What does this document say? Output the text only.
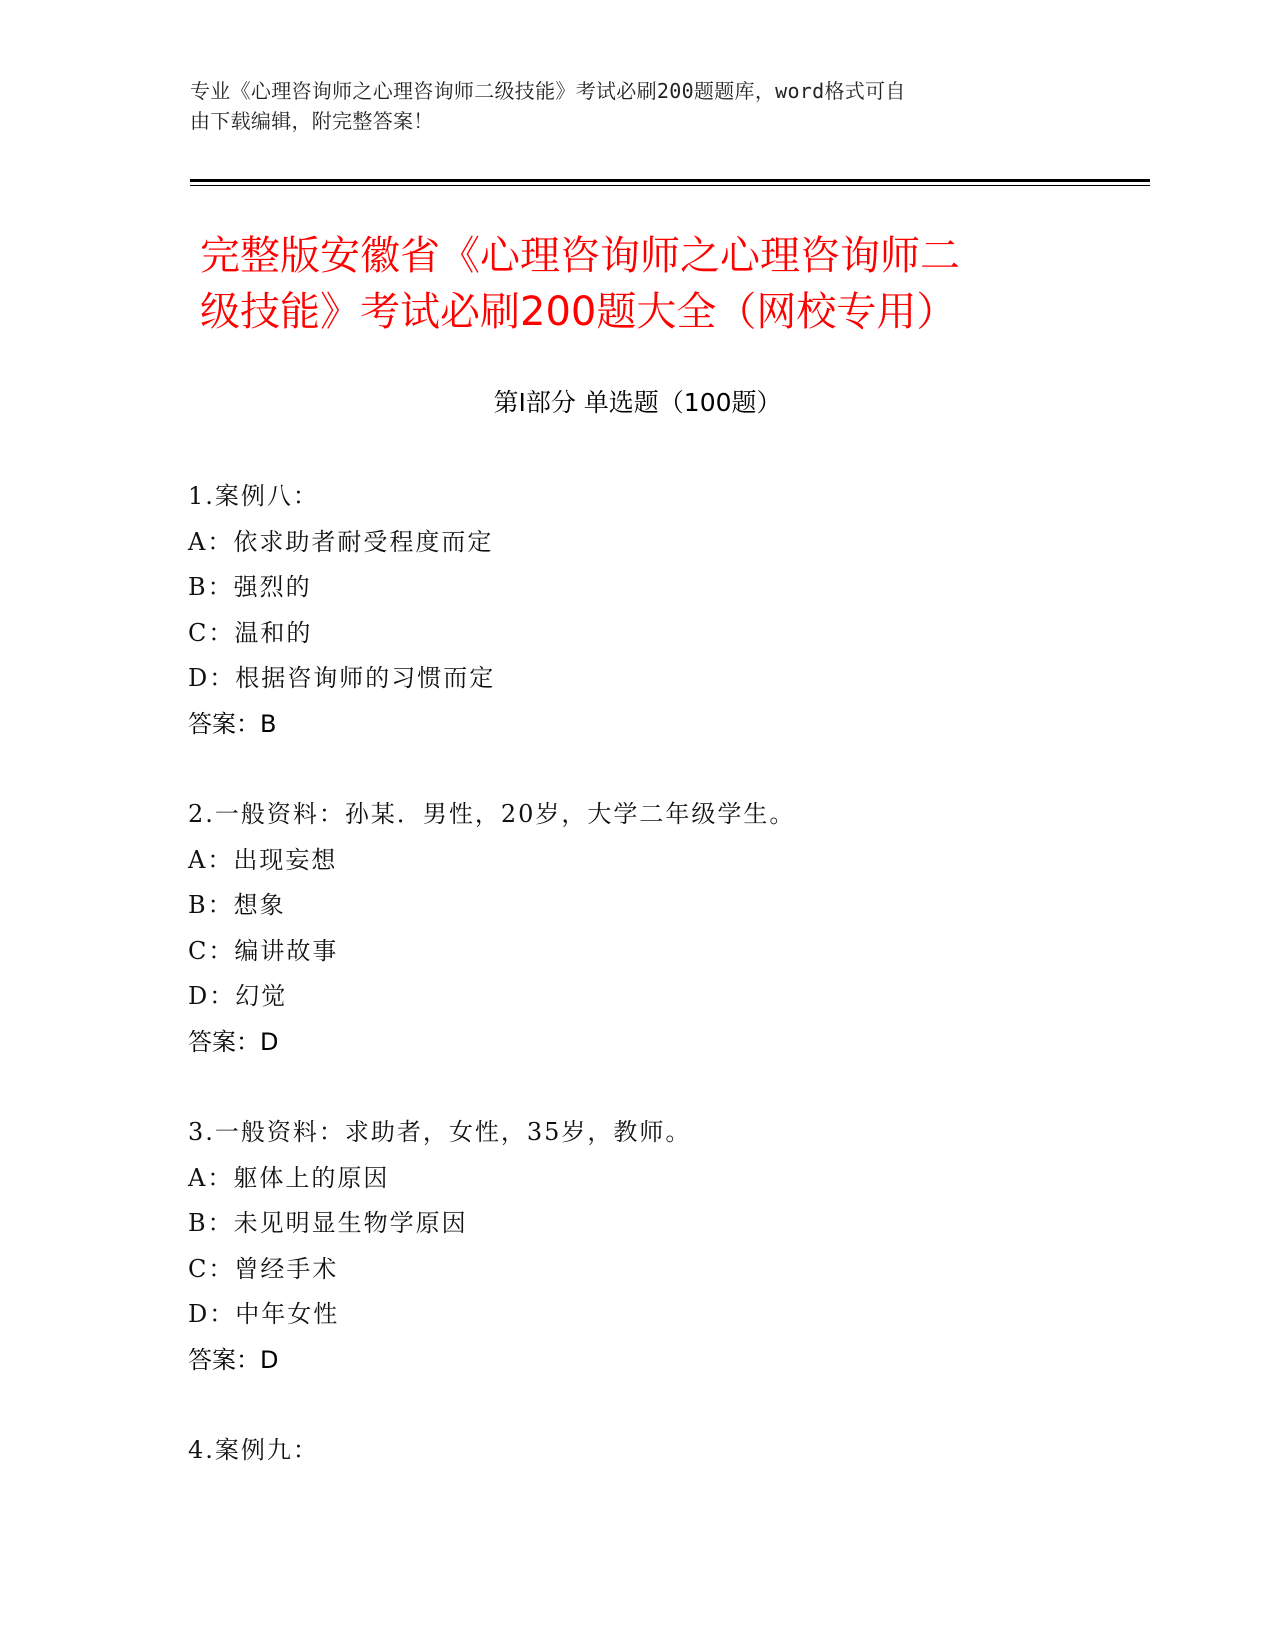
专业《心理咨询师之心理咨询师二级技能》考试必刷200题题库，word格式可自
由下载编辑，附完整答案！
完整版安徽省《心理咨询师之心理咨询师二
级技能》考试必刷200题大全（网校专用）
第I部分 单选题（100题）
1.案例八：
A：依求助者耐受程度而定
B：强烈的
C：温和的
D：根据咨询师的习惯而定
答案：B
2.一般资料：孙某．男性，20岁，大学二年级学生。
A：出现妄想
B：想象
C：编讲故事
D：幻觉
答案：D
3.一般资料：求助者，女性，35岁，教师。
A：躯体上的原因
B：未见明显生物学原因
C：曾经手术
D：中年女性
答案：D
4.案例九：
